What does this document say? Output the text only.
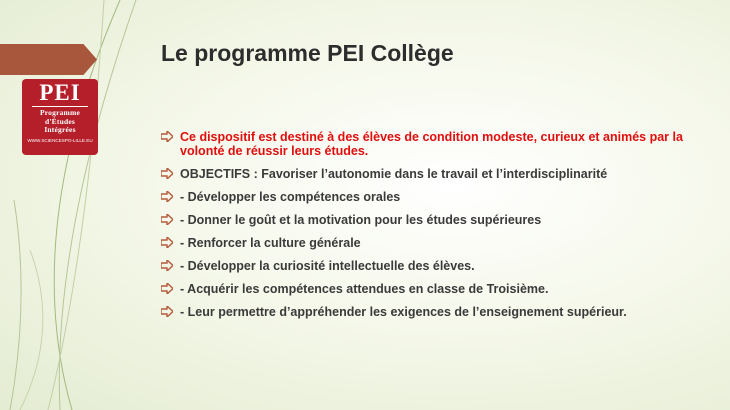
Le programme PEI Collège
PEI
Programme
d'Études
Intégrées
WWW.SCIENCESPO-LILLE.EU	Ce dispositif est destiné à des élèves de condition modeste, curieux et animés par la volonté de réussir leurs études.
OBJECTIFS : Favoriser l’autonomie dans le travail et l’interdisciplinarité
- Développer les compétences orales
- Donner le goût et la motivation pour les études supérieures
- Renforcer la culture générale
- Développer la curiosité intellectuelle des élèves.
- Acquérir les compétences attendues en classe de Troisième.
- Leur permettre d’appréhender les exigences de l’enseignement supérieur.
